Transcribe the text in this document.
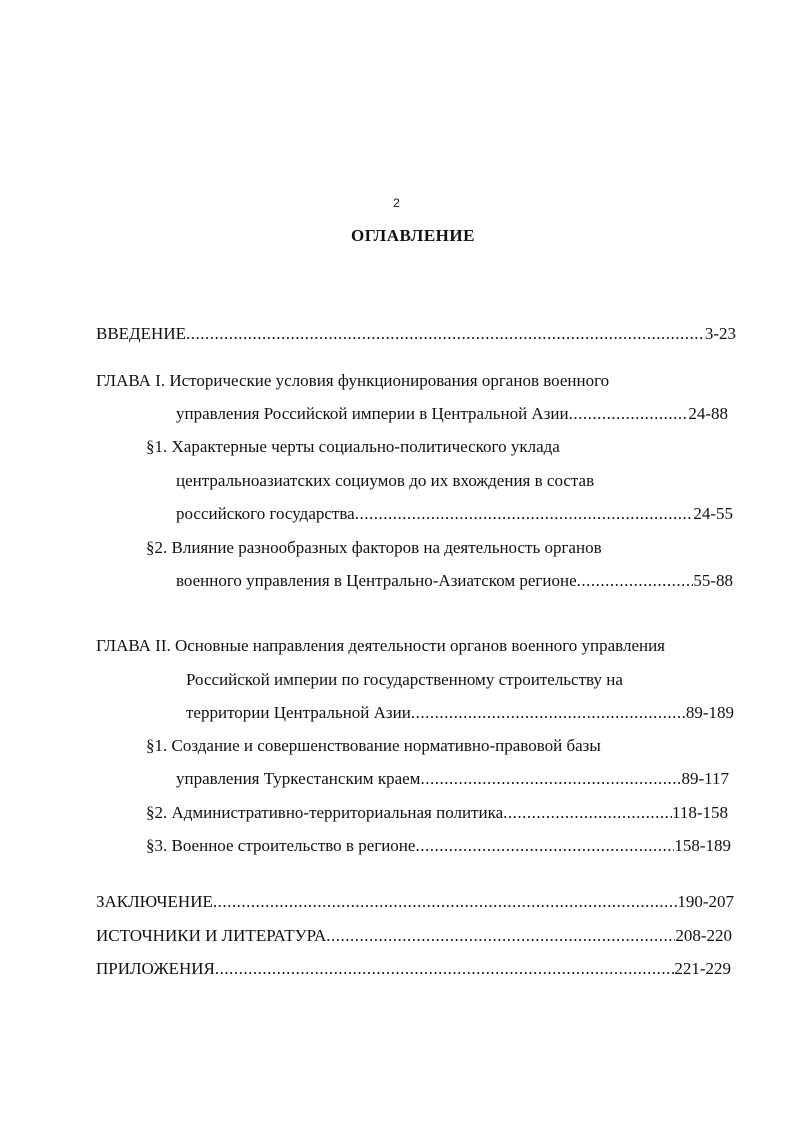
2
ОГЛАВЛЕНИЕ
ВВЕДЕНИЕ .....	3-23
ГЛАВА I. Исторические условия функционирования органов военного
управления Российской империи в Центральной Азии .....	24-88
§1. Характерные черты социально-политического уклада
центральноазиатских социумов до их вхождения в состав
российского государства .....	24-55
§2. Влияние разнообразных факторов на деятельность органов
военного управления в Центрально-Азиатском регионе .....	55-88
ГЛАВА II. Основные направления деятельности органов военного управления
Российской империи по государственному строительству на
территории Центральной Азии .....	89-189
§1. Создание и совершенствование нормативно-правовой базы
управления Туркестанским краем .....	89-117
§2. Административно-территориальная политика .....	118-158
§3. Военное строительство в регионе .....	158-189
ЗАКЛЮЧЕНИЕ .....	190-207
ИСТОЧНИКИ И ЛИТЕРАТУРА .....	208-220
ПРИЛОЖЕНИЯ .....	221-229
